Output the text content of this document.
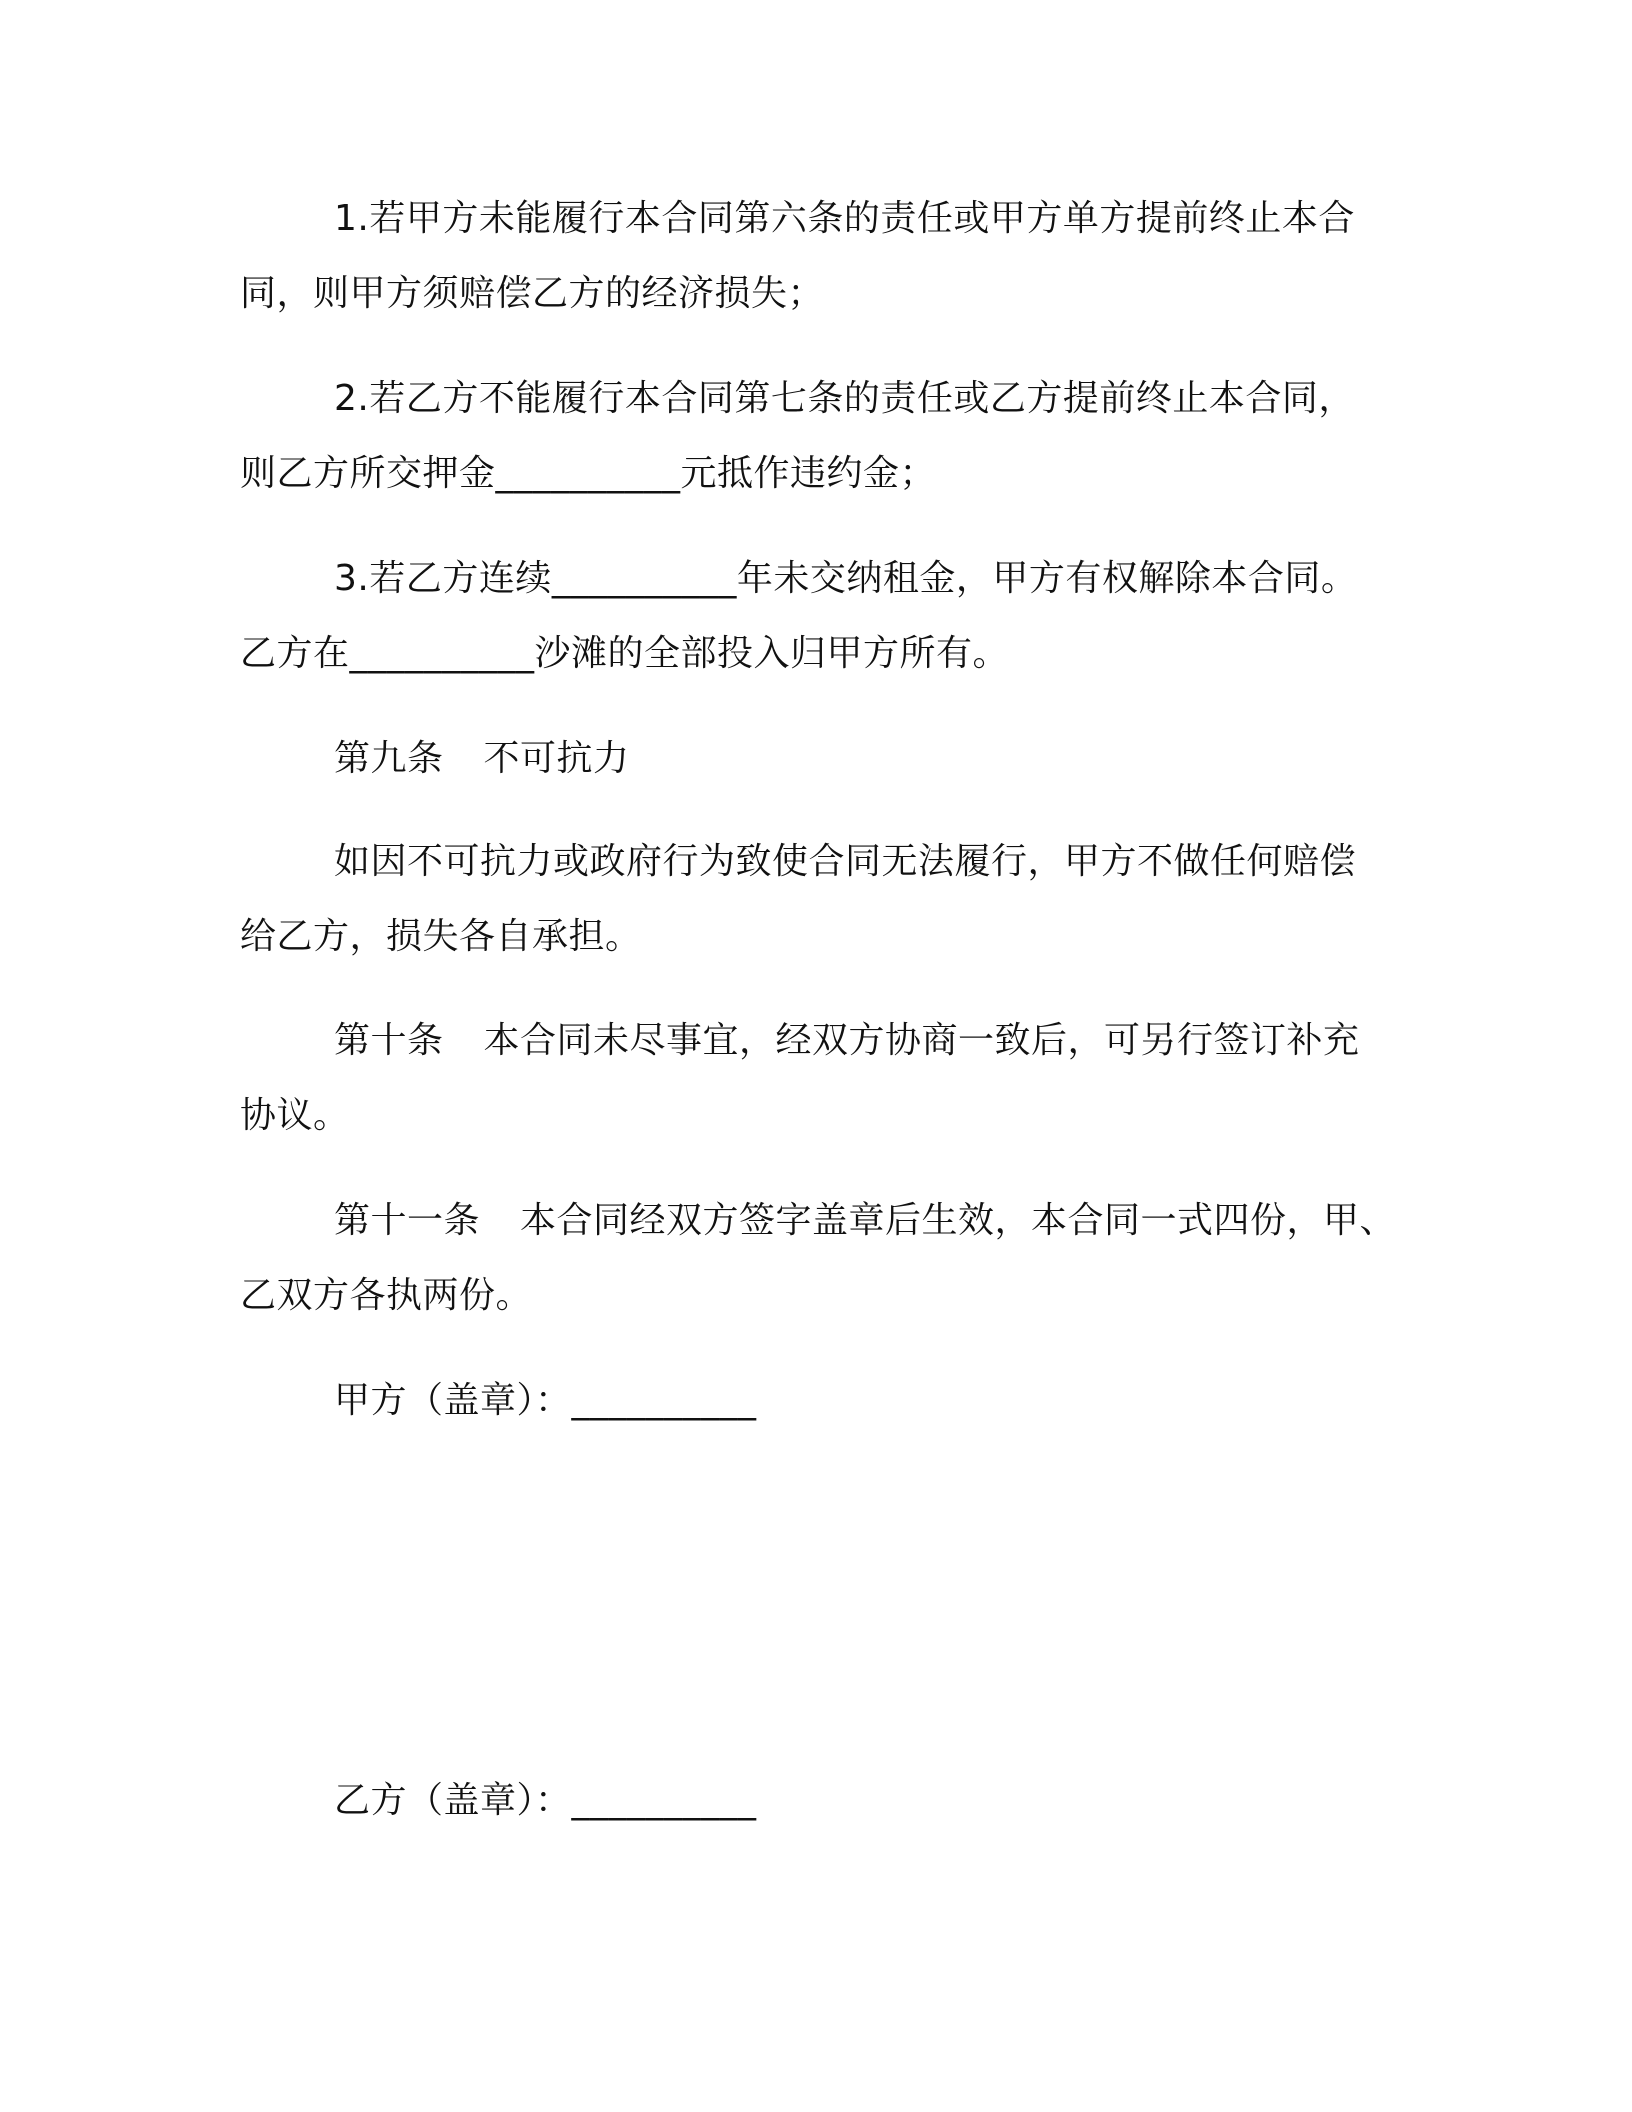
1.若甲方未能履行本合同第六条的责任或甲方单方提前终止本合
同，则甲方须赔偿乙方的经济损失；
2.若乙方不能履行本合同第七条的责任或乙方提前终止本合同，
则乙方所交押金__________元抵作违约金；
3.若乙方连续__________年未交纳租金，甲方有权解除本合同。
乙方在__________沙滩的全部投入归甲方所有。
第九条 不可抗力
如因不可抗力或政府行为致使合同无法履行，甲方不做任何赔偿
给乙方，损失各自承担。
第十条 本合同未尽事宜，经双方协商一致后，可另行签订补充
协议。
第十一条 本合同经双方签字盖章后生效，本合同一式四份，甲、
乙双方各执两份。
甲方（盖章）：__________
乙方（盖章）：__________
